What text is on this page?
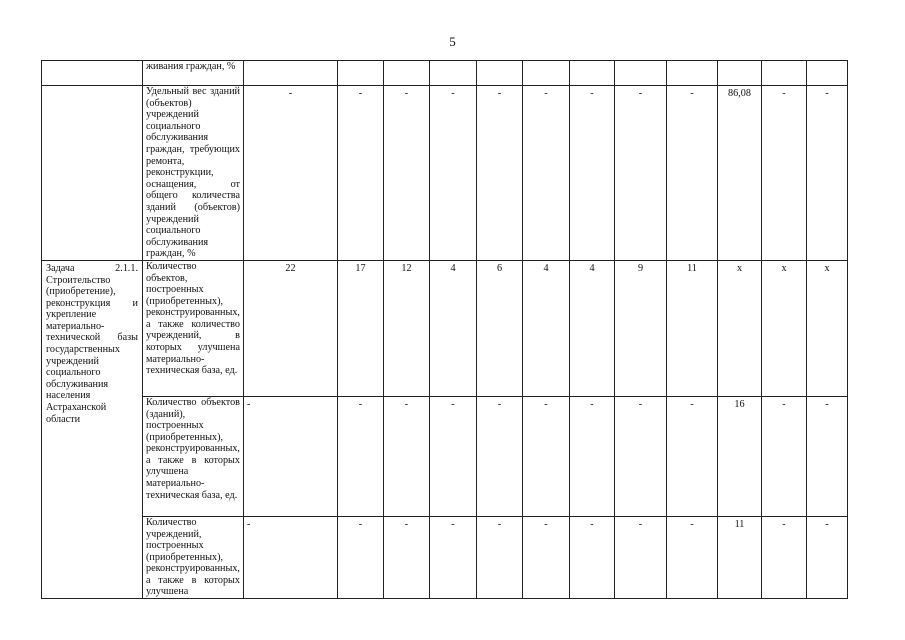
5
	живания граждан, %												
	Удельный вес зданий (объектов) учреждений социального обслуживания граждан, требующих ремонта, реконструкции, оснащения, от общего количества зданий (объектов) учреждений социального обслуживания граждан, %	-	-	-	-	-	-	-	-	-	86,08	-	-
Задача 2.1.1. Строительство (приобретение), реконструкция и укрепление материально-технической базы государственных учреждений социального обслуживания населения Астраханской области	Количество объектов, построенных (приобретенных), реконструированных, а также количество учреждений, в которых улучшена материально-техническая база, ед.	22	17	12	4	6	4	4	9	11	х	х	х
	Количество объектов (зданий), построенных (приобретенных), реконструированных, а также в которых улучшена материально-техническая база, ед.	-	-	-	-	-	-	-	-	-	16	-	-
	Количество учреждений, построенных (приобретенных), реконструированных, а также в которых улучшена	-	-	-	-	-	-	-	-	-	11	-	-
